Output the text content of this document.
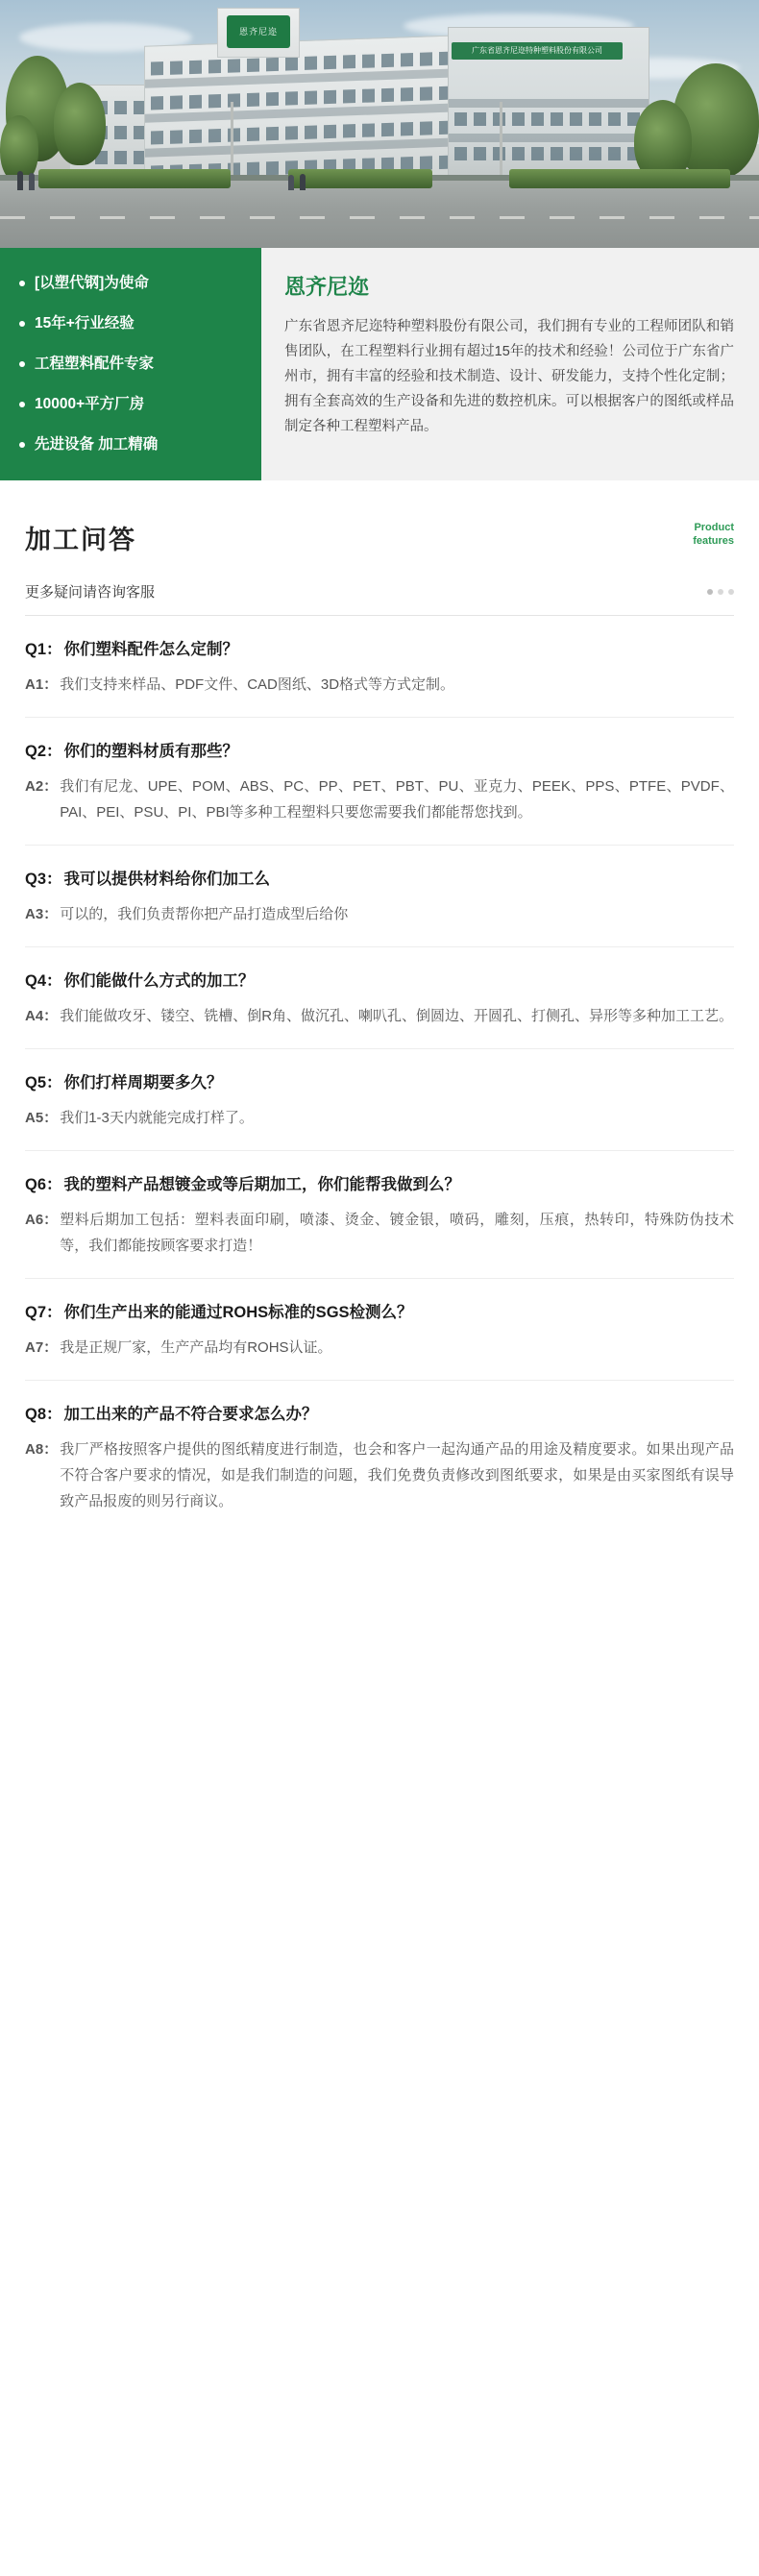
恩齐尼迩
广东省恩齐尼迩特种塑料股份有限公司
[以塑代钢]为使命
15年+行业经验
工程塑料配件专家
10000+平方厂房
先进设备 加工精确
恩齐尼迩
广东省恩齐尼迩特种塑料股份有限公司，我们拥有专业的工程师团队和销售团队，在工程塑料行业拥有超过15年的技术和经验！公司位于广东省广州市，拥有丰富的经验和技术制造、设计、研发能力，支持个性化定制；拥有全套高效的生产设备和先进的数控机床。可以根据客户的图纸或样品制定各种工程塑料产品。
加工问答	Product
features
更多疑问请咨询客服
Q1： 你们塑料配件怎么定制？
A1： 我们支持来样品、PDF文件、CAD图纸、3D格式等方式定制。
Q2： 你们的塑料材质有那些？
A2： 我们有尼龙、UPE、POM、ABS、PC、PP、PET、PBT、PU、亚克力、PEEK、PPS、PTFE、PVDF、PAI、PEI、PSU、PI、PBI等多种工程塑料只要您需要我们都能帮您找到。
Q3： 我可以提供材料给你们加工么
A3： 可以的，我们负责帮你把产品打造成型后给你
Q4： 你们能做什么方式的加工？
A4： 我们能做攻牙、镂空、铣槽、倒R角、做沉孔、喇叭孔、倒圆边、开圆孔、打侧孔、异形等多种加工工艺。
Q5： 你们打样周期要多久？
A5： 我们1-3天内就能完成打样了。
Q6： 我的塑料产品想镀金或等后期加工，你们能帮我做到么？
A6： 塑料后期加工包括：塑料表面印刷，喷漆、烫金、镀金银，喷码，雕刻，压痕，热转印，特殊防伪技术等，我们都能按顾客要求打造！
Q7： 你们生产出来的能通过ROHS标准的SGS检测么？
A7： 我是正规厂家，生产产品均有ROHS认证。
Q8： 加工出来的产品不符合要求怎么办？
A8： 我厂严格按照客户提供的图纸精度进行制造，也会和客户一起沟通产品的用途及精度要求。如果出现产品不符合客户要求的情况，如是我们制造的问题，我们免费负责修改到图纸要求，如果是由买家图纸有误导致产品报废的则另行商议。
